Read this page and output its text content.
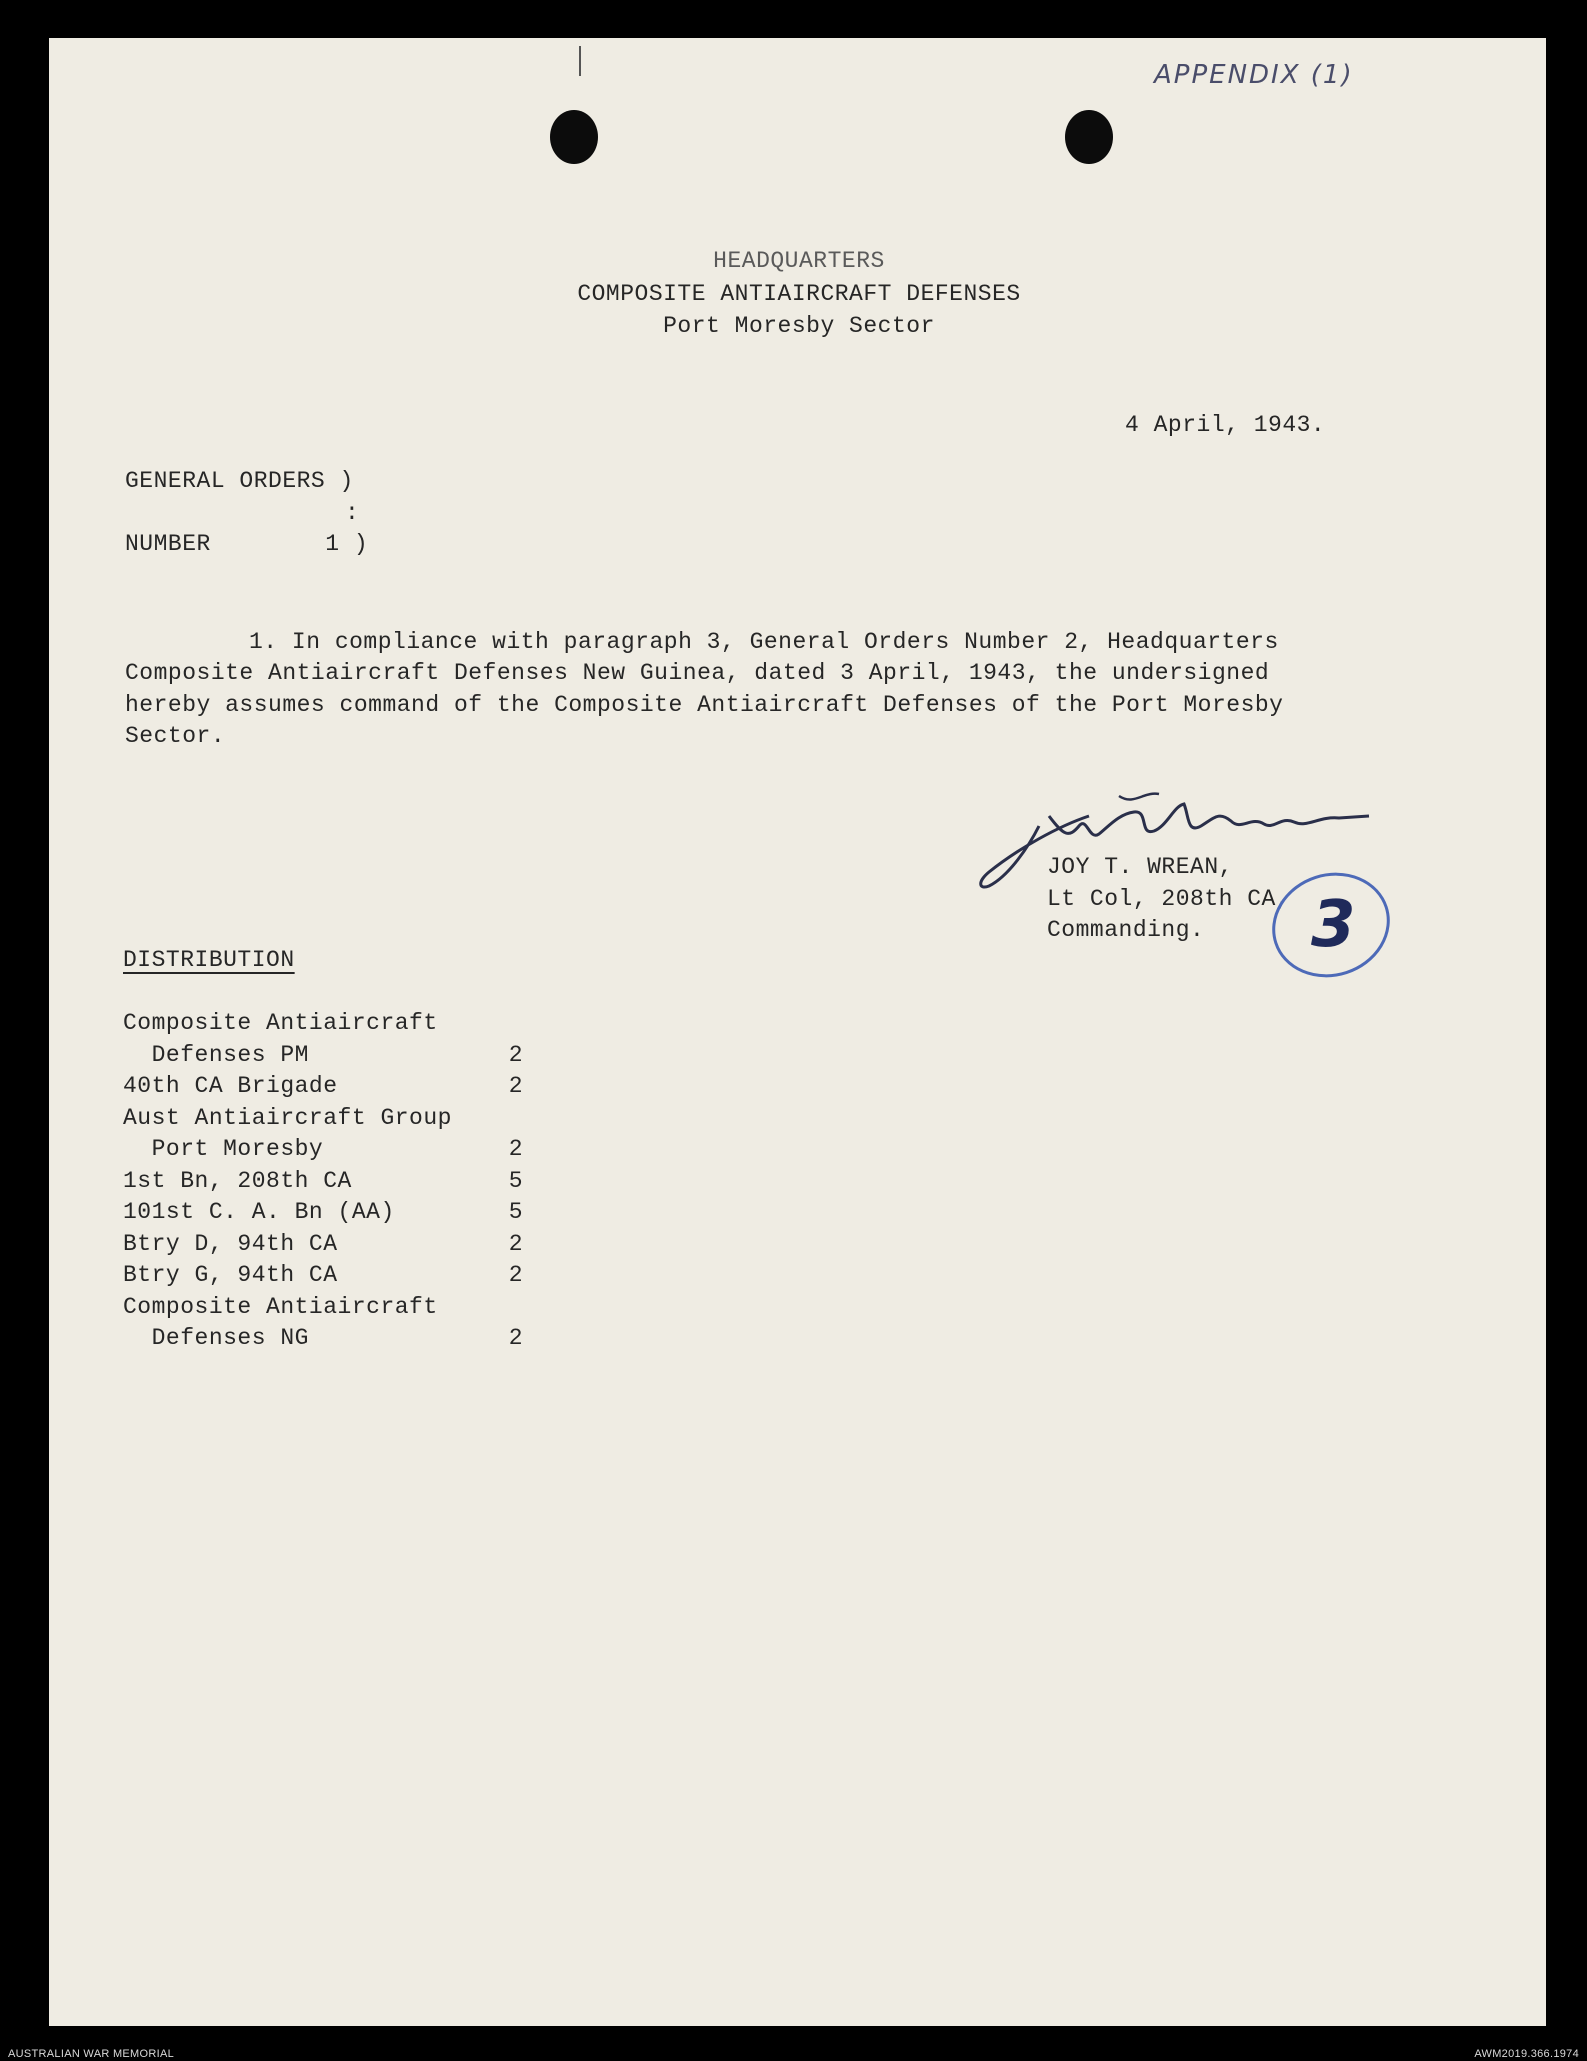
APPENDIX (1)
HEADQUARTERS
COMPOSITE ANTIAIRCRAFT DEFENSES
Port Moresby Sector
4 April, 1943.
GENERAL ORDERS )
:
NUMBER        1 )
1. In compliance with paragraph 3, General Orders Number 2, Headquarters
Composite Antiaircraft Defenses New Guinea, dated 3 April, 1943, the undersigned
hereby assumes command of the Composite Antiaircraft Defenses of the Port Moresby
Sector.
JOY T. WREAN,
Lt Col, 208th CA,
Commanding.
DISTRIBUTION
Composite Antiaircraft
Defenses PM	2
40th CA Brigade	2
Aust Antiaircraft Group
Port Moresby	2
1st Bn, 208th CA	5
101st C. A. Bn (AA)	5
Btry D, 94th CA	2
Btry G, 94th CA	2
Composite Antiaircraft
Defenses NG	2
3
AUSTRALIAN WAR MEMORIAL	AWM2019.366.1974
